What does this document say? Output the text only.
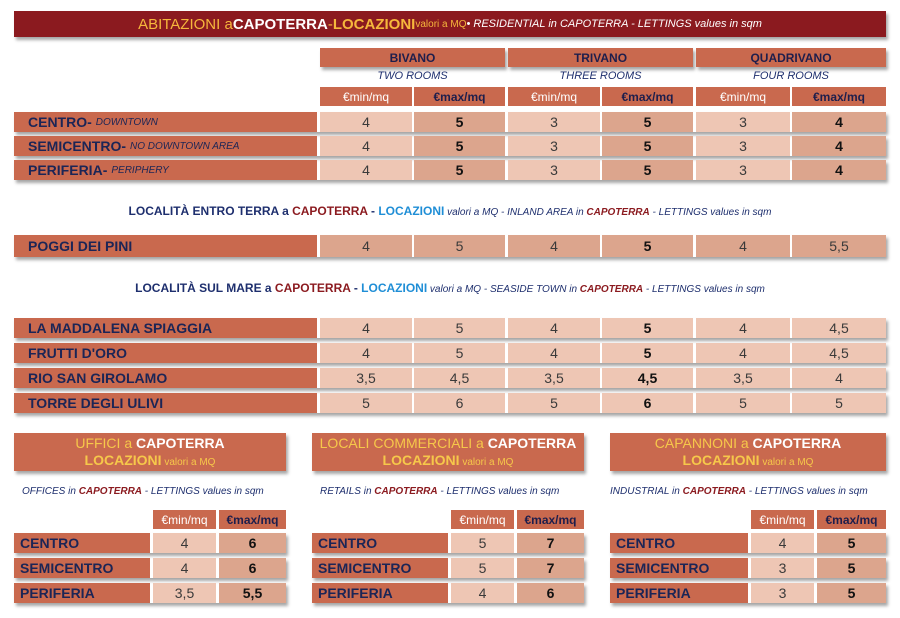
ABITAZIONI a CAPOTERRA - LOCAZIONI valori a MQ • RESIDENTIAL in CAPOTERRA - LETTINGS values in sqm
BIVANO	TRIVANO	QUADRIVANO
TWO ROOMS	THREE ROOMS	FOUR ROOMS
€min/mq	€max/mq	€min/mq	€max/mq	€min/mq	€max/mq
CENTRO - DOWNTOWN	4	5	3	5	3	4
SEMICENTRO - NO DOWNTOWN AREA	4	5	3	5	3	4
PERIFERIA - PERIPHERY	4	5	3	5	3	4
LOCALITÀ ENTRO TERRA a CAPOTERRA - LOCAZIONI valori a MQ - INLAND AREA in CAPOTERRA - LETTINGS values in sqm
POGGI DEI PINI	4	5	4	5	4	5,5
LOCALITÀ SUL MARE a CAPOTERRA - LOCAZIONI valori a MQ - SEASIDE TOWN in CAPOTERRA - LETTINGS values in sqm
LA MADDALENA SPIAGGIA	4	5	4	5	4	4,5
FRUTTI D'ORO	4	5	4	5	4	4,5
RIO SAN GIROLAMO	3,5	4,5	3,5	4,5	3,5	4
TORRE DEGLI ULIVI	5	6	5	6	5	5
UFFICI a CAPOTERRA
LOCAZIONI valori a MQ
OFFICES in CAPOTERRA - LETTINGS values in sqm
€min/mq	€max/mq
CENTRO	4	6
SEMICENTRO	4	6
PERIFERIA	3,5	5,5
LOCALI COMMERCIALI a CAPOTERRA
LOCAZIONI valori a MQ
RETAILS in CAPOTERRA - LETTINGS values in sqm
€min/mq	€max/mq
CENTRO	5	7
SEMICENTRO	5	7
PERIFERIA	4	6
CAPANNONI a CAPOTERRA
LOCAZIONI valori a MQ
INDUSTRIAL in CAPOTERRA - LETTINGS values in sqm
€min/mq	€max/mq
CENTRO	4	5
SEMICENTRO	3	5
PERIFERIA	3	5
